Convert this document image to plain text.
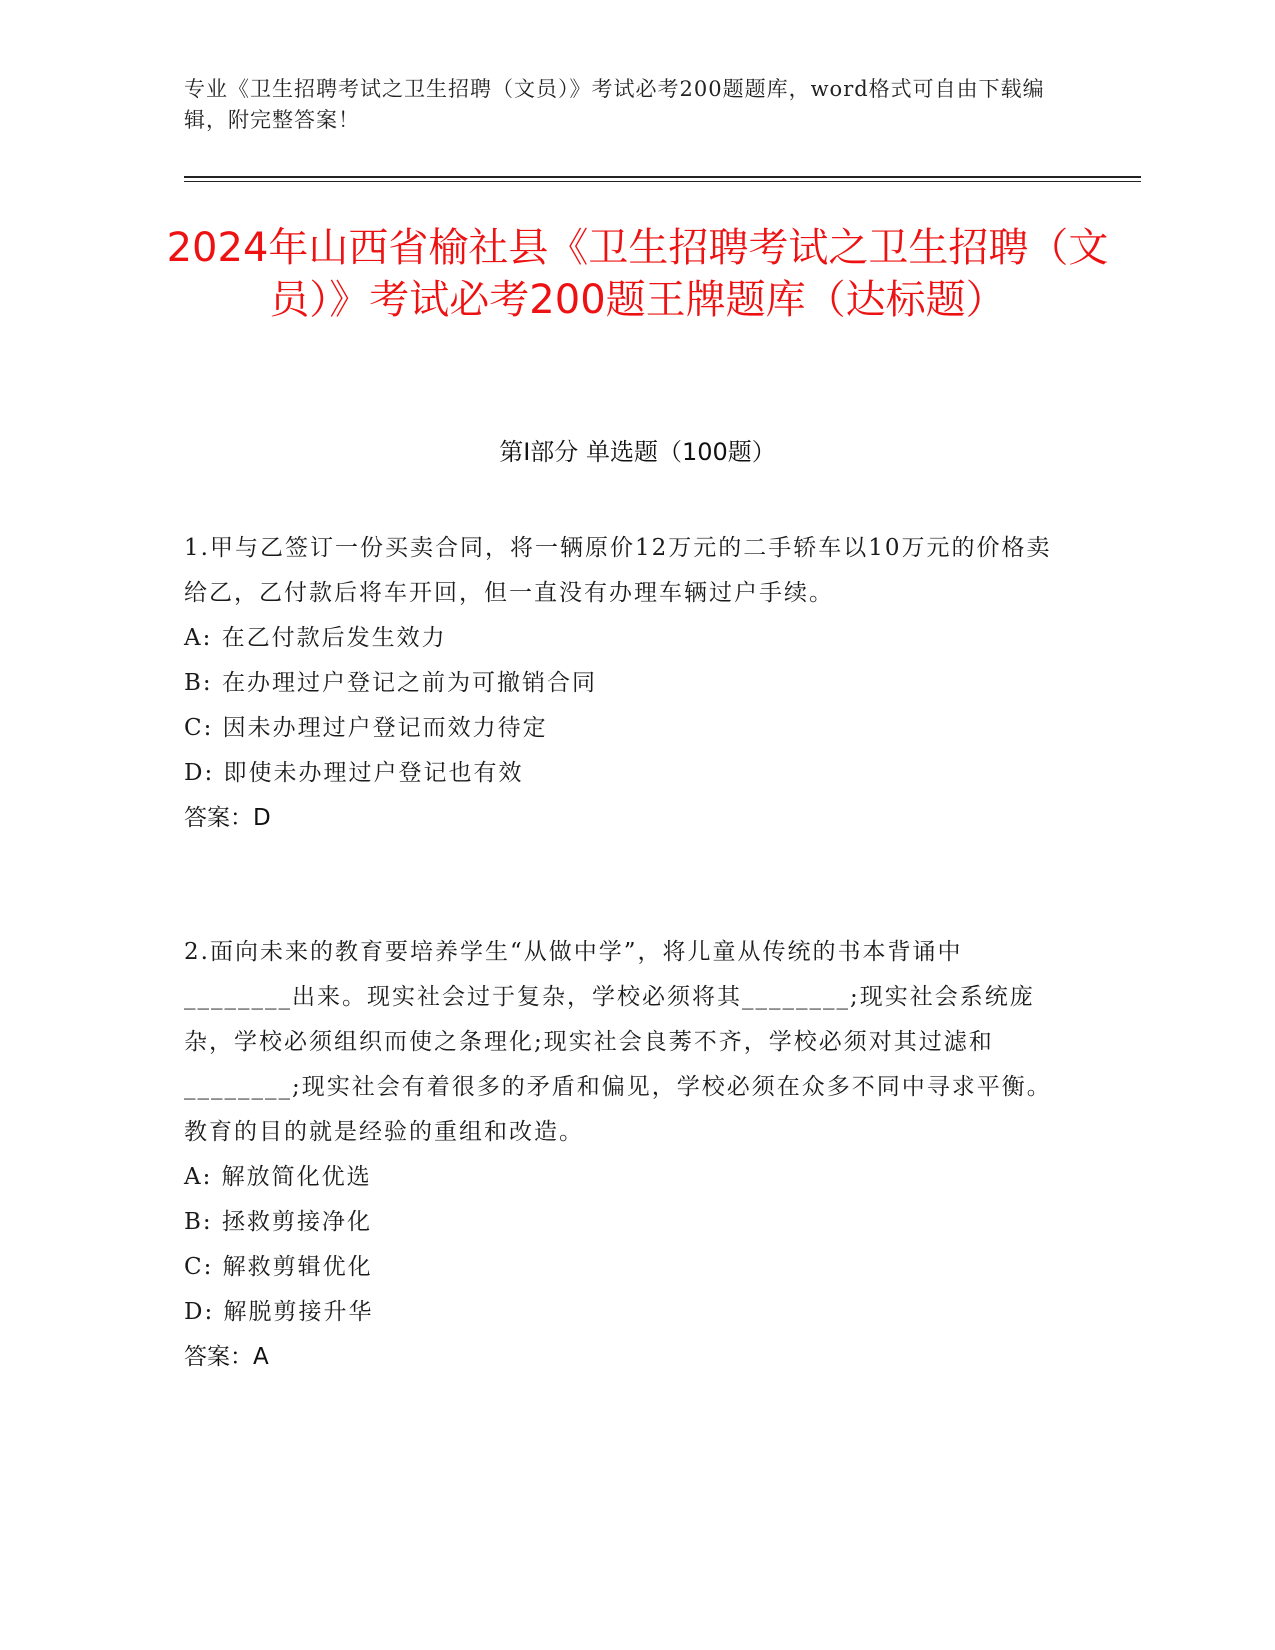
专业《卫生招聘考试之卫生招聘（文员）》考试必考200题题库，word格式可自由下载编辑，附完整答案！
2024年山西省榆社县《卫生招聘考试之卫生招聘（文员）》考试必考200题王牌题库（达标题）
第I部分 单选题（100题）

1.甲与乙签订一份买卖合同，将一辆原价12万元的二手轿车以10万元的价格卖给乙，乙付款后将车开回，但一直没有办理车辆过户手续。

A: 在乙付款后发生效力

B: 在办理过户登记之前为可撤销合同

C: 因未办理过户登记而效力待定

D: 即使未办理过户登记也有效

答案：D

2.面向未来的教育要培养学生“从做中学”，将儿童从传统的书本背诵中________出来。现实社会过于复杂，学校必须将其________;现实社会系统庞杂，学校必须组织而使之条理化;现实社会良莠不齐，学校必须对其过滤和________;现实社会有着很多的矛盾和偏见，学校必须在众多不同中寻求平衡。教育的目的就是经验的重组和改造。

A: 解放简化优选

B: 拯救剪接净化

C: 解救剪辑优化

D: 解脱剪接升华

答案：A
